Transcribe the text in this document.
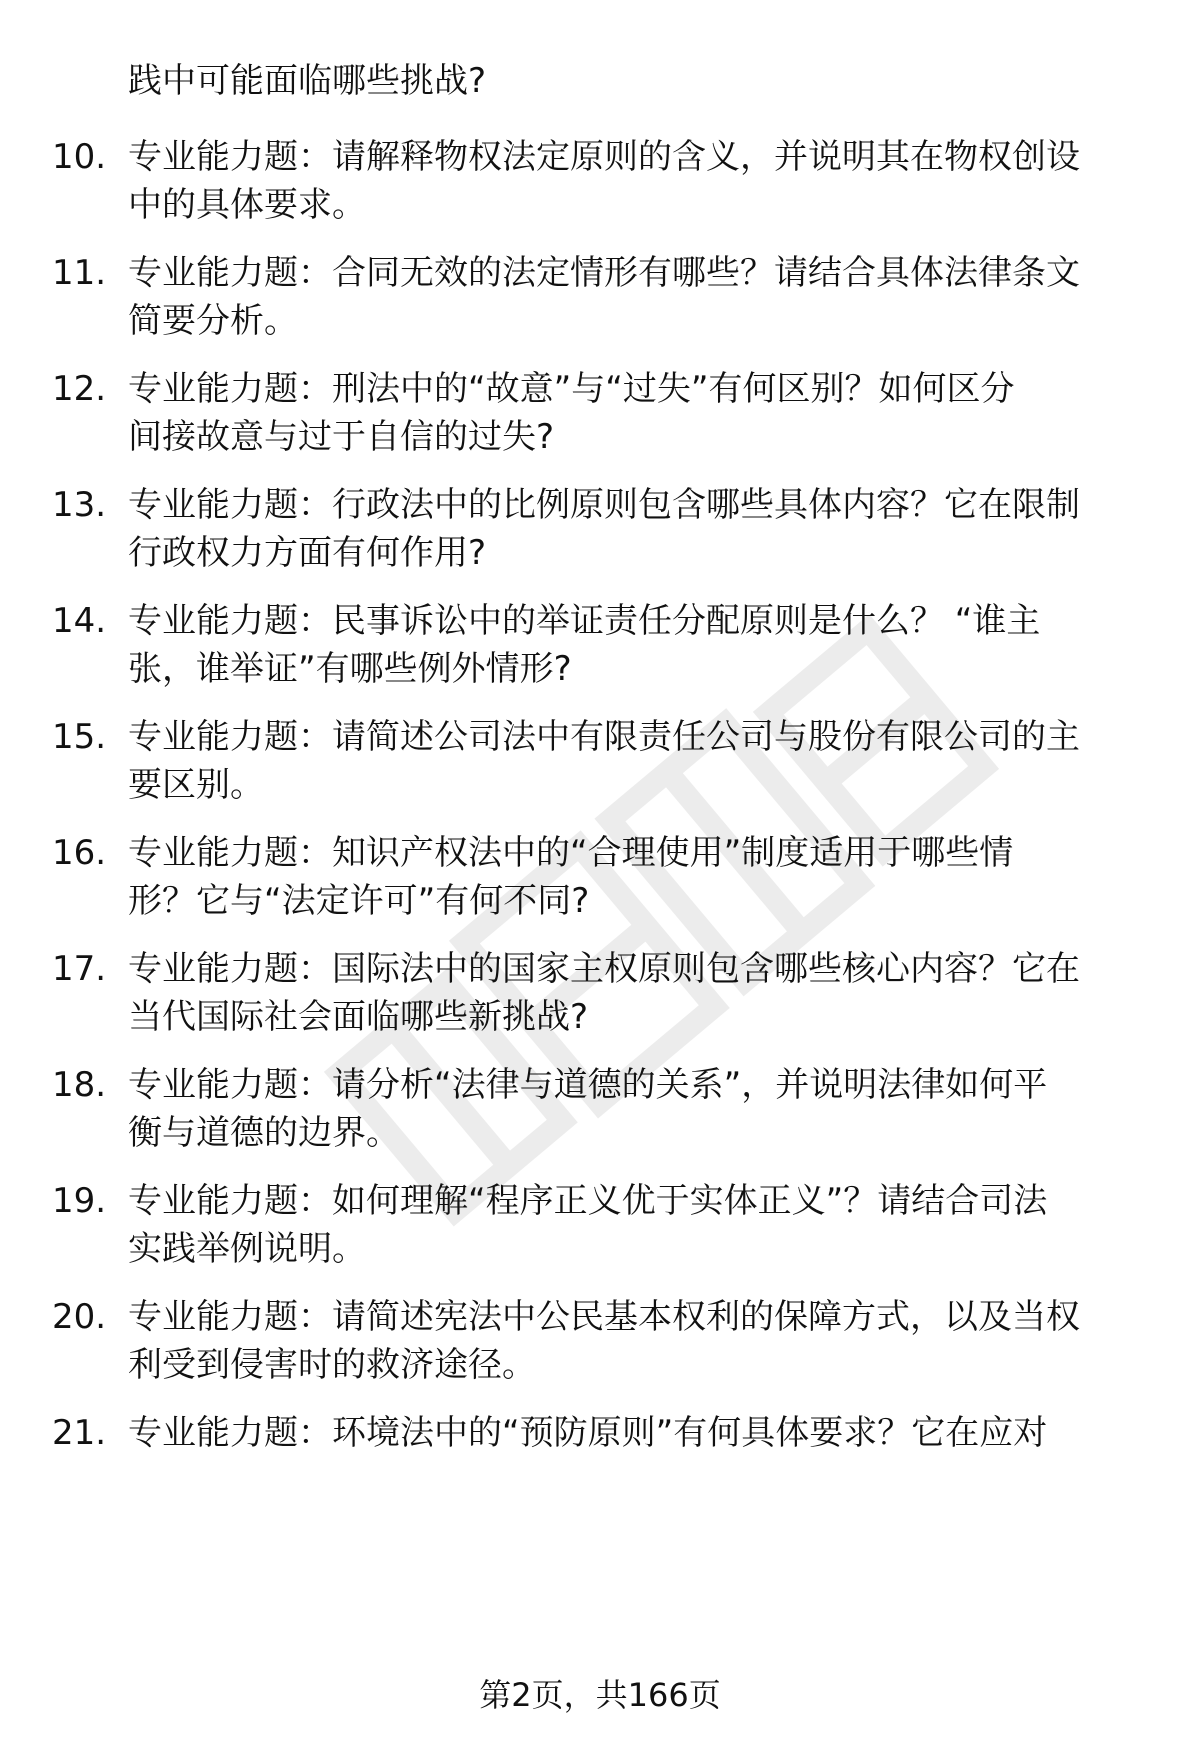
践中可能面临哪些挑战?
10. 专业能力题：请解释物权法定原则的含义，并说明其在物权创设
中的具体要求。
11. 专业能力题：合同无效的法定情形有哪些？请结合具体法律条文
简要分析。
12. 专业能力题：刑法中的“故意”与“过失”有何区别？如何区分
间接故意与过于自信的过失?
13. 专业能力题：行政法中的比例原则包含哪些具体内容？它在限制
行政权力方面有何作用?
14. 专业能力题：民事诉讼中的举证责任分配原则是什么？ “谁主
张，谁举证”有哪些例外情形?
15. 专业能力题：请简述公司法中有限责任公司与股份有限公司的主
要区别。
16. 专业能力题：知识产权法中的“合理使用”制度适用于哪些情
形？它与“法定许可”有何不同?
17. 专业能力题：国际法中的国家主权原则包含哪些核心内容？它在
当代国际社会面临哪些新挑战?
18. 专业能力题：请分析“法律与道德的关系”，并说明法律如何平
衡与道德的边界。
19. 专业能力题：如何理解“程序正义优于实体正义”？请结合司法
实践举例说明。
20. 专业能力题：请简述宪法中公民基本权利的保障方式，以及当权
利受到侵害时的救济途径。
21. 专业能力题：环境法中的“预防原则”有何具体要求？它在应对
第2页，共166页
